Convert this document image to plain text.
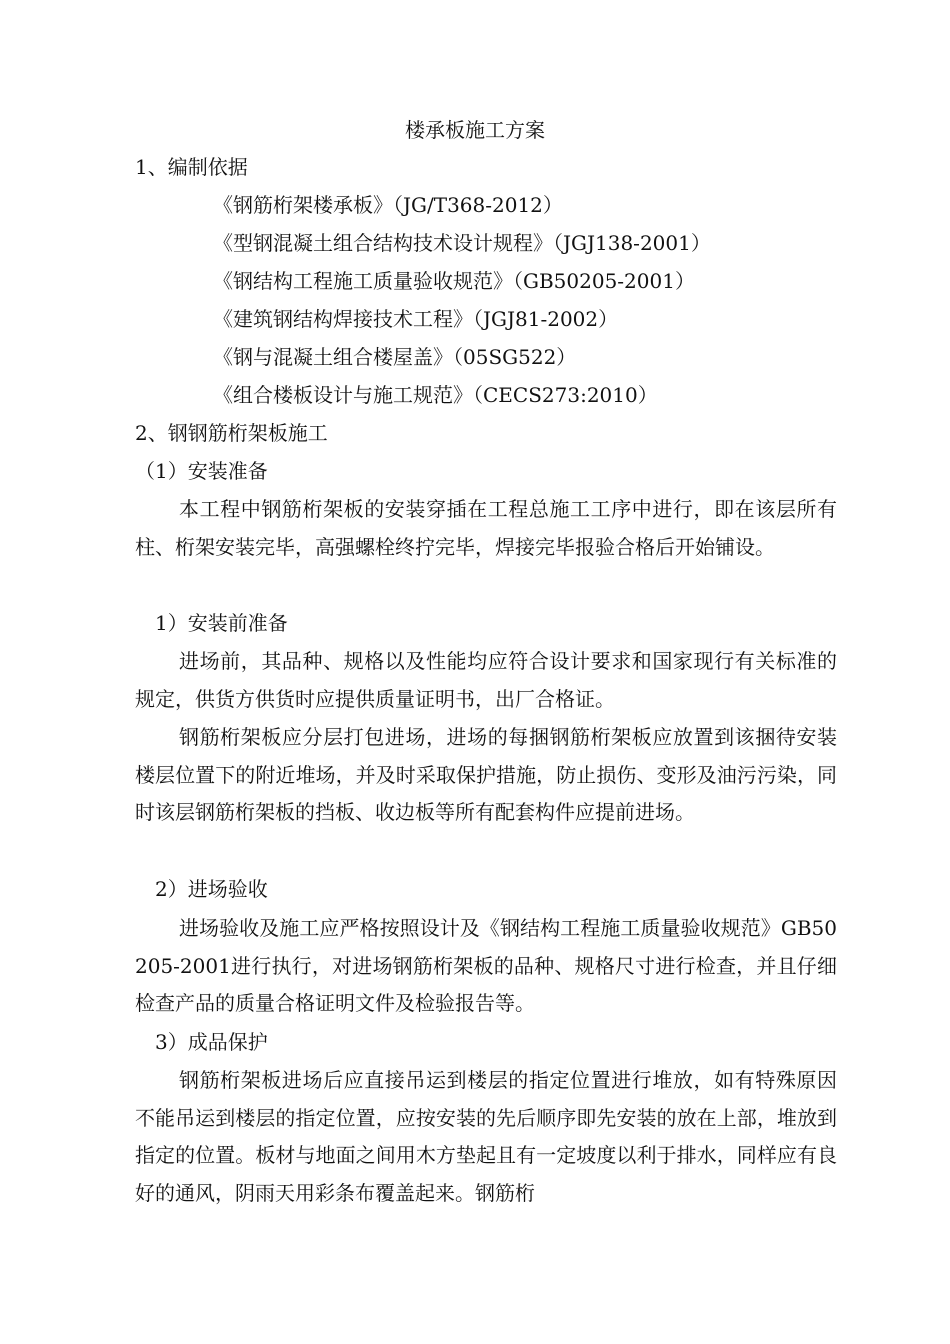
楼承板施工方案
1、编制依据
《钢筋桁架楼承板》（JG/T368-2012）
《型钢混凝土组合结构技术设计规程》（JGJ138-2001）
《钢结构工程施工质量验收规范》（GB50205-2001）
《建筑钢结构焊接技术工程》（JGJ81-2002）
《钢与混凝土组合楼屋盖》（05SG522）
《组合楼板设计与施工规范》（CECS273:2010）
2、钢钢筋桁架板施工
（1）安装准备
本工程中钢筋桁架板的安装穿插在工程总施工工序中进行，即在该层所有柱、桁架安装完毕，高强螺栓终拧完毕，焊接完毕报验合格后开始铺设。
1）安装前准备
进场前，其品种、规格以及性能均应符合设计要求和国家现行有关标准的规定，供货方供货时应提供质量证明书，出厂合格证。
钢筋桁架板应分层打包进场，进场的每捆钢筋桁架板应放置到该捆待安装楼层位置下的附近堆场，并及时采取保护措施，防止损伤、变形及油污污染，同时该层钢筋桁架板的挡板、收边板等所有配套构件应提前进场。
2）进场验收
进场验收及施工应严格按照设计及《钢结构工程施工质量验收规范》GB50205-2001进行执行，对进场钢筋桁架板的品种、规格尺寸进行检查，并且仔细检查产品的质量合格证明文件及检验报告等。
3）成品保护
钢筋桁架板进场后应直接吊运到楼层的指定位置进行堆放，如有特殊原因不能吊运到楼层的指定位置，应按安装的先后顺序即先安装的放在上部，堆放到指定的位置。板材与地面之间用木方垫起且有一定坡度以利于排水，同样应有良好的通风，阴雨天用彩条布覆盖起来。钢筋桁
